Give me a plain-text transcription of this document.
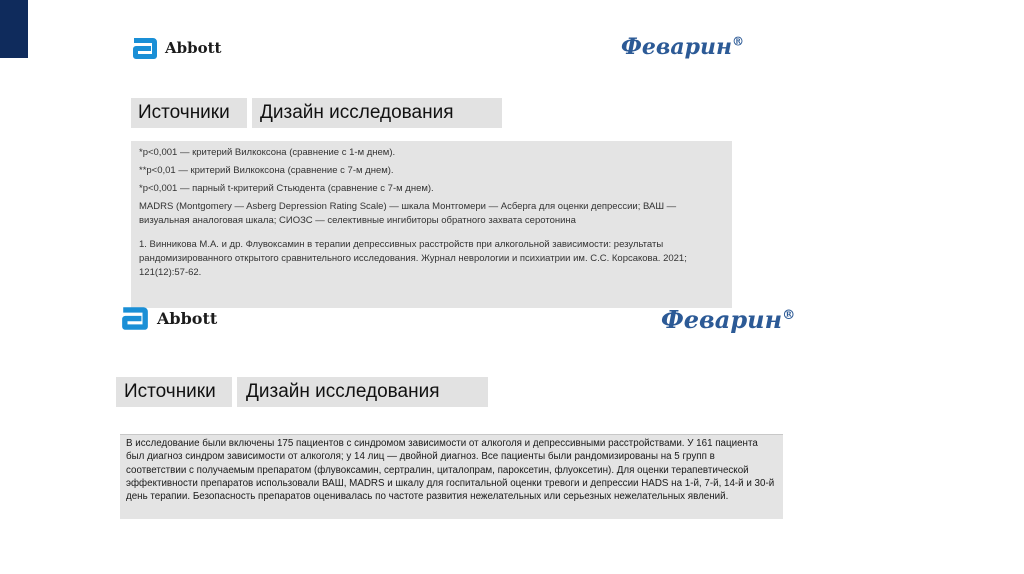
Abbott	Феварин®
Источники Дизайн исследования

*p<0,001 — критерий Вилкоксона (сравнение с 1-м днем).

**p<0,01 — критерий Вилкоксона (сравнение с 7-м днем).

*p<0,001 — парный t-критерий Стьюдента (сравнение с 7-м днем).

MADRS (Montgomery — Asberg Depression Rating Scale) — шкала Монтгомери — Асберга для оценки депрессии; ВАШ — визуальная аналоговая шкала; СИОЗС — селективные ингибиторы обратного захвата серотонина

1. Винникова М.А. и др. Флувоксамин в терапии депрессивных расстройств при алкогольной зависимости: результаты рандомизированного открытого сравнительного исследования. Журнал неврологии и психиатрии им. С.С. Корсакова. 2021; 121(12):57-62.

Abbott	Феварин®
Источники Дизайн исследования
В исследование были включены 175 пациентов с синдромом зависимости от алкоголя и депрессивными расстройствами. У 161 пациента был диагноз синдром зависимости от алкоголя; у 14 лиц — двойной диагноз. Все пациенты были рандомизированы на 5 групп в соответствии с получаемым препаратом (флувоксамин, сертралин, циталопрам, пароксетин, флуоксетин). Для оценки терапевтической эффективности препаратов использовали ВАШ, MADRS и шкалу для госпитальной оценки тревоги и депрессии HADS на 1-й, 7-й, 14-й и 30-й день терапии. Безопасность препаратов оценивалась по частоте развития нежелательных или серьезных нежелательных явлений.
